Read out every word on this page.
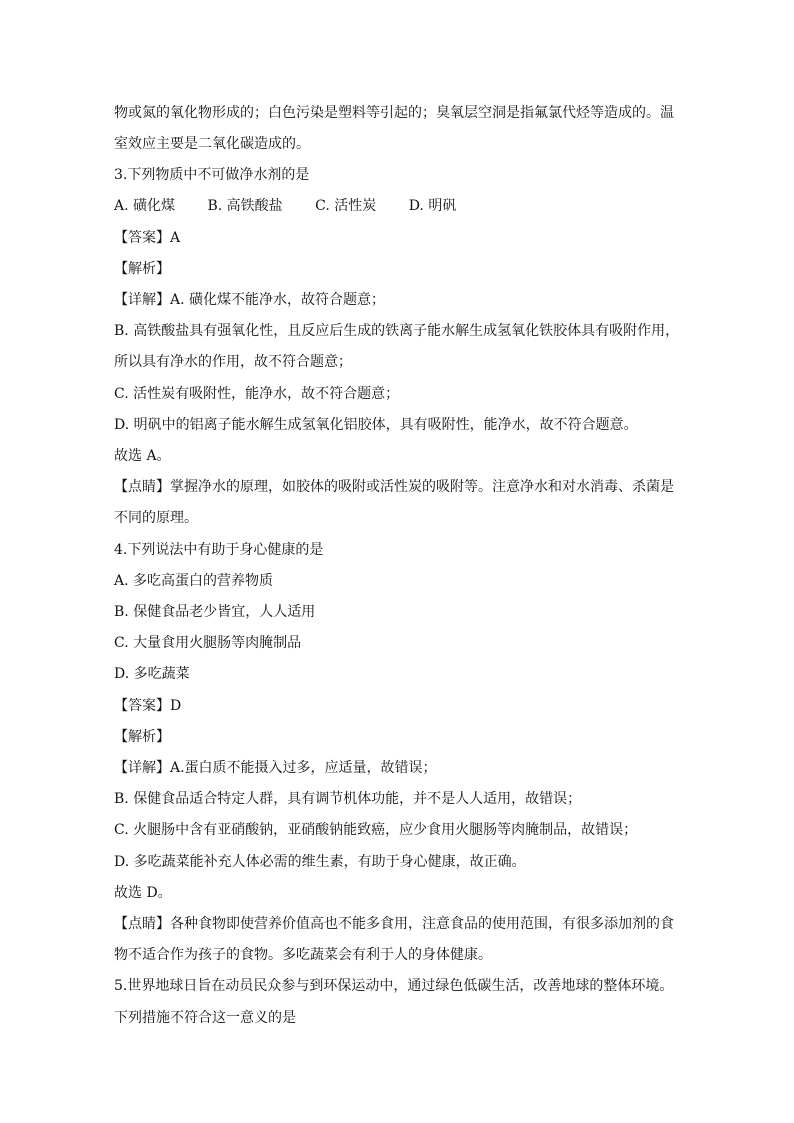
物或氮的氧化物形成的；白色污染是塑料等引起的；臭氧层空洞是指氟氯代烃等造成的。温
室效应主要是二氧化碳造成的。
3.下列物质中不可做净水剂的是
A. 磺化煤 B. 高铁酸盐 C. 活性炭 D. 明矾
【答案】A
【解析】
【详解】A. 磺化煤不能净水，故符合题意；
B. 高铁酸盐具有强氧化性，且反应后生成的铁离子能水解生成氢氧化铁胶体具有吸附作用，
所以具有净水的作用，故不符合题意；
C. 活性炭有吸附性，能净水，故不符合题意；
D. 明矾中的铝离子能水解生成氢氧化铝胶体，具有吸附性，能净水，故不符合题意。
故选 A。
【点睛】掌握净水的原理，如胶体的吸附或活性炭的吸附等。注意净水和对水消毒、杀菌是
不同的原理。
4.下列说法中有助于身心健康的是
A. 多吃高蛋白的营养物质
B. 保健食品老少皆宜，人人适用
C. 大量食用火腿肠等肉腌制品
D. 多吃蔬菜
【答案】D
【解析】
【详解】A.蛋白质不能摄入过多，应适量，故错误；
B. 保健食品适合特定人群，具有调节机体功能，并不是人人适用，故错误；
C. 火腿肠中含有亚硝酸钠，亚硝酸钠能致癌，应少食用火腿肠等肉腌制品，故错误；
D. 多吃蔬菜能补充人体必需的维生素，有助于身心健康，故正确。
故选 D。
【点睛】各种食物即使营养价值高也不能多食用，注意食品的使用范围，有很多添加剂的食
物不适合作为孩子的食物。多吃蔬菜会有利于人的身体健康。
5.世界地球日旨在动员民众参与到环保运动中，通过绿色低碳生活，改善地球的整体环境。
下列措施不符合这一意义的是
